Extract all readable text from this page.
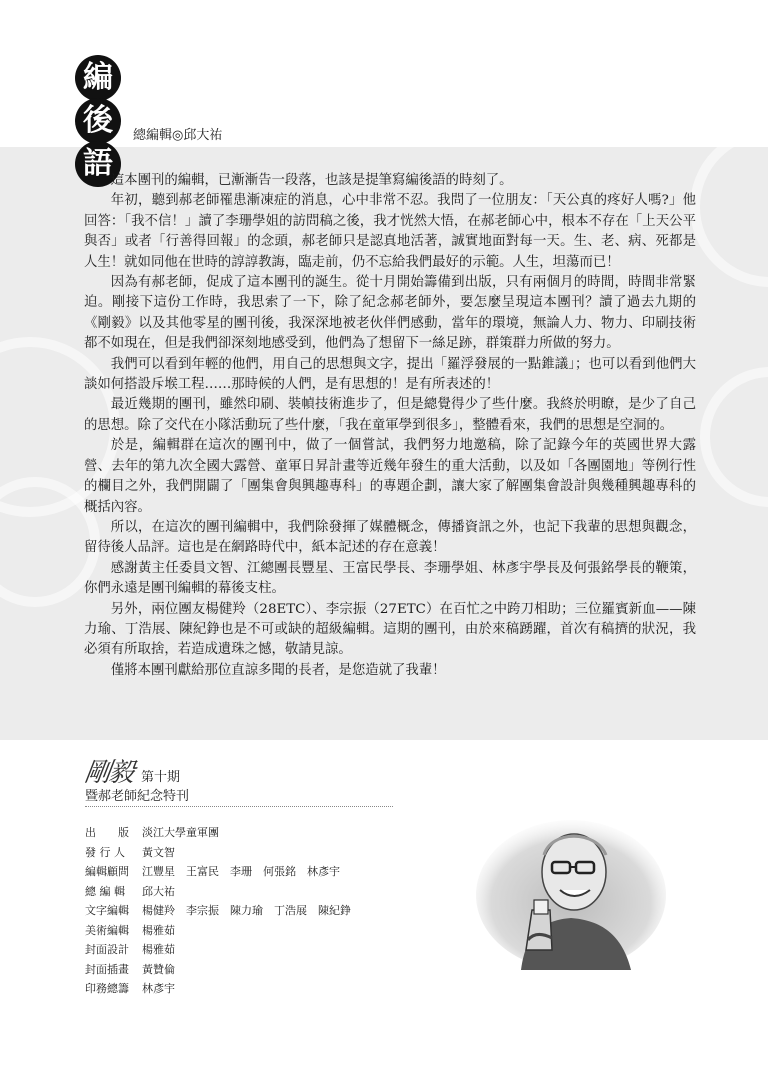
編
後
語
總編輯◎邱大祐

這本團刊的編輯，已漸漸告一段落，也該是提筆寫編後語的時刻了。

年初，聽到郝老師罹患漸凍症的消息，心中非常不忍。我問了一位朋友：「天公真的疼好人嗎?」他回答：「我不信！」讀了李珊學姐的訪問稿之後，我才恍然大悟，在郝老師心中，根本不存在「上天公平與否」或者「行善得回報」的念頭，郝老師只是認真地活著，誠實地面對每一天。生、老、病、死都是人生！就如同他在世時的諄諄教誨，臨走前，仍不忘給我們最好的示範。人生，坦蕩而已！

因為有郝老師，促成了這本團刊的誕生。從十月開始籌備到出版，只有兩個月的時間，時間非常緊迫。剛接下這份工作時，我思索了一下，除了紀念郝老師外，要怎麼呈現這本團刊？讀了過去九期的《剛毅》以及其他零星的團刊後，我深深地被老伙伴們感動，當年的環境，無論人力、物力、印刷技術都不如現在，但是我們卻深刻地感受到，他們為了想留下一絲足跡，群策群力所做的努力。

我們可以看到年輕的他們，用自己的思想與文字，提出「羅浮發展的一點錐議」；也可以看到他們大談如何搭設斥堠工程……那時候的人們，是有思想的！是有所表述的！

最近幾期的團刊，雖然印刷、裝幀技術進步了，但是總覺得少了些什麼。我終於明瞭，是少了自己的思想。除了交代在小隊活動玩了些什麼，「我在童軍學到很多」，整體看來，我們的思想是空洞的。

於是，編輯群在這次的團刊中，做了一個嘗試，我們努力地邀稿，除了記錄今年的英國世界大露營、去年的第九次全國大露營、童軍日昇計畫等近幾年發生的重大活動，以及如「各團園地」等例行性的欄目之外，我們開闢了「團集會與興趣專科」的專題企劃，讓大家了解團集會設計與幾種興趣專科的概括內容。

所以，在這次的團刊編輯中，我們除發揮了媒體概念，傳播資訊之外，也記下我輩的思想與觀念，留待後人品評。這也是在網路時代中，紙本記述的存在意義！

感謝黃主任委員文智、江總團長豐星、王富民學長、李珊學姐、林彥宇學長及何張銘學長的鞭策，你們永遠是團刊編輯的幕後支柱。

另外，兩位團友楊健羚（28ETC）、李宗振（27ETC）在百忙之中跨刀相助；三位羅賓新血——陳力瑜、丁浩展、陳紀錚也是不可或缺的超級編輯。這期的團刊，由於來稿踴躍，首次有稿擠的狀況，我必須有所取捨，若造成遺珠之憾，敬請見諒。

僅將本團刊獻給那位直諒多聞的長者，是您造就了我輩！

剛毅 第十期
暨郝老師紀念特刊
出　　版	淡江大學童軍團
發 行 人	黃文智
編輯顧問	江豐星　王富民　李珊　何張銘　林彥宇
總 編 輯	邱大祐
文字編輯	楊健羚　李宗振　陳力瑜　丁浩展　陳紀錚
美術編輯	楊雅茹
封面設計	楊雅茹
封面插畫	黃贊倫
印務總籌	林彥宇
